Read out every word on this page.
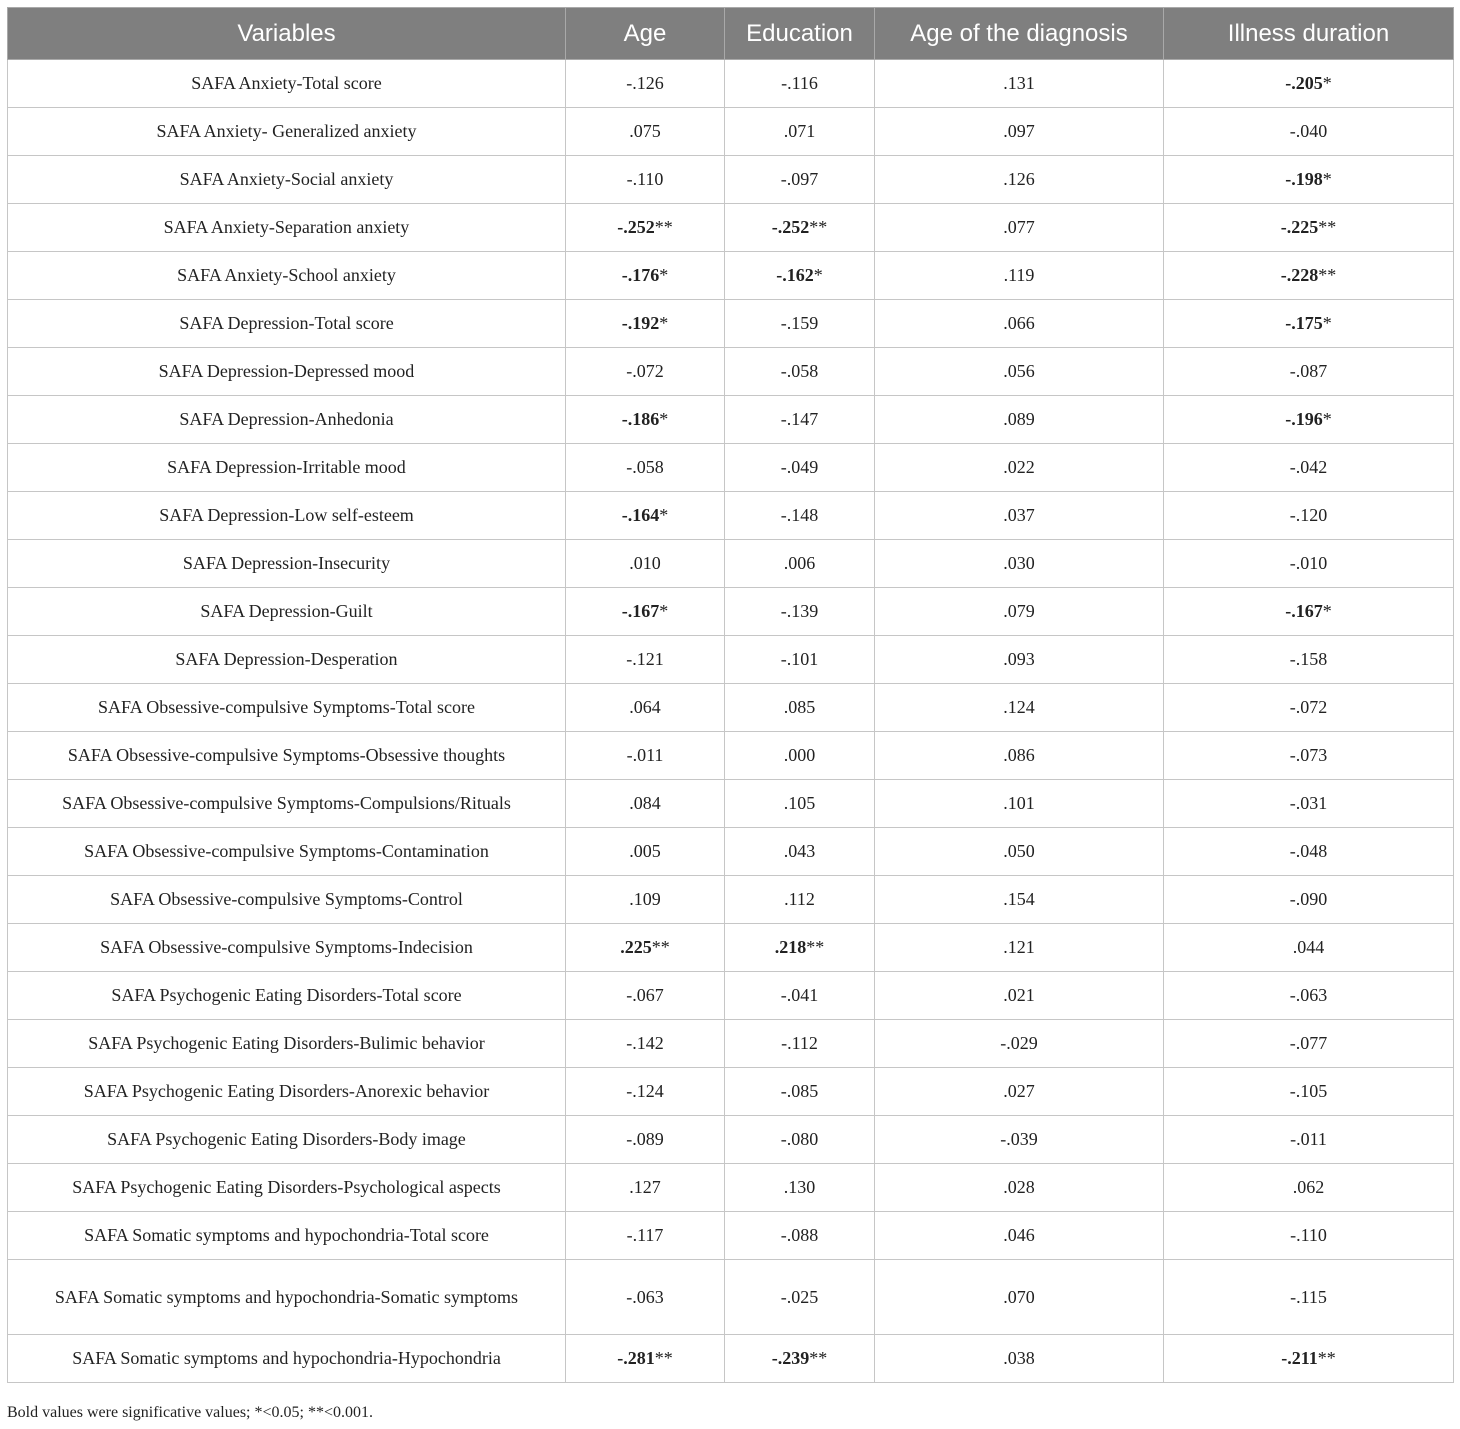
Variables	Age	Education	Age of the diagnosis	Illness duration
SAFA Anxiety-Total score	-.126	-.116	.131	-.205*
SAFA Anxiety- Generalized anxiety	.075	.071	.097	-.040
SAFA Anxiety-Social anxiety	-.110	-.097	.126	-.198*
SAFA Anxiety-Separation anxiety	-.252**	-.252**	.077	-.225**
SAFA Anxiety-School anxiety	-.176*	-.162*	.119	-.228**
SAFA Depression-Total score	-.192*	-.159	.066	-.175*
SAFA Depression-Depressed mood	-.072	-.058	.056	-.087
SAFA Depression-Anhedonia	-.186*	-.147	.089	-.196*
SAFA Depression-Irritable mood	-.058	-.049	.022	-.042
SAFA Depression-Low self-esteem	-.164*	-.148	.037	-.120
SAFA Depression-Insecurity	.010	.006	.030	-.010
SAFA Depression-Guilt	-.167*	-.139	.079	-.167*
SAFA Depression-Desperation	-.121	-.101	.093	-.158
SAFA Obsessive-compulsive Symptoms-Total score	.064	.085	.124	-.072
SAFA Obsessive-compulsive Symptoms-Obsessive thoughts	-.011	.000	.086	-.073
SAFA Obsessive-compulsive Symptoms-Compulsions/Rituals	.084	.105	.101	-.031
SAFA Obsessive-compulsive Symptoms-Contamination	.005	.043	.050	-.048
SAFA Obsessive-compulsive Symptoms-Control	.109	.112	.154	-.090
SAFA Obsessive-compulsive Symptoms-Indecision	.225**	.218**	.121	.044
SAFA Psychogenic Eating Disorders-Total score	-.067	-.041	.021	-.063
SAFA Psychogenic Eating Disorders-Bulimic behavior	-.142	-.112	-.029	-.077
SAFA Psychogenic Eating Disorders-Anorexic behavior	-.124	-.085	.027	-.105
SAFA Psychogenic Eating Disorders-Body image	-.089	-.080	-.039	-.011
SAFA Psychogenic Eating Disorders-Psychological aspects	.127	.130	.028	.062
SAFA Somatic symptoms and hypochondria-Total score	-.117	-.088	.046	-.110
SAFA Somatic symptoms and hypochondria-Somatic symptoms	-.063	-.025	.070	-.115
SAFA Somatic symptoms and hypochondria-Hypochondria	-.281**	-.239**	.038	-.211**
Bold values were significative values; *<0.05; **<0.001.
